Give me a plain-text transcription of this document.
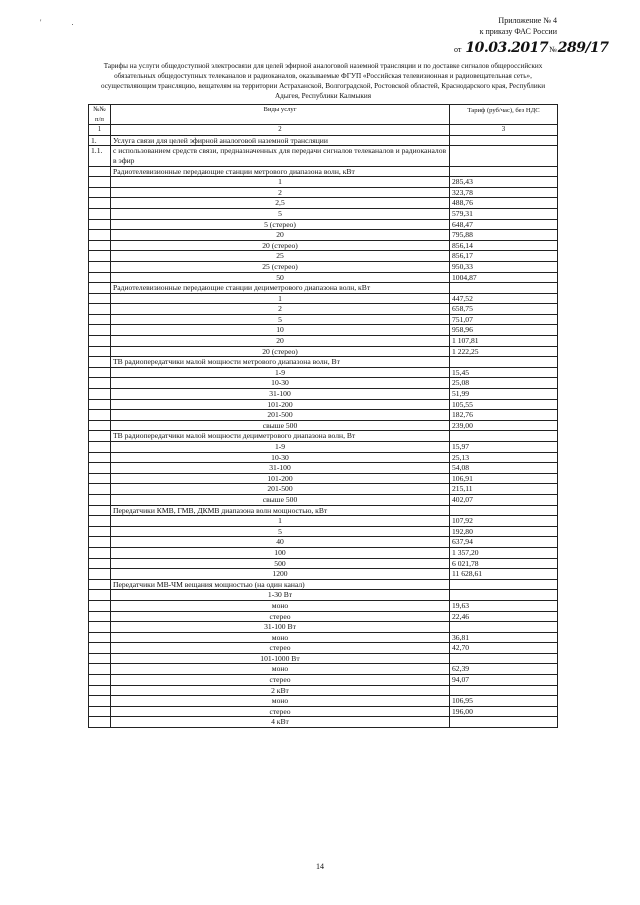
' .	Приложение № 4
к приказу ФАС России
от 10.03.2017№289/17
Тарифы на услуги общедоступной электросвязи для целей эфирной аналоговой наземной трансляции и по доставке сигналов общероссийских обязательных общедоступных телеканалов и радиоканалов, оказываемые ФГУП «Российская телевизионная и радиовещательная сеть», осуществляющим трансляцию, вещателям на территории Астраханской, Волгоградской, Ростовской областей, Краснодарского края, Республики Адыгея, Республики Калмыкия
№№ п/п	Виды услуг	Тариф (руб/час), без НДС
1	2	3
1.	Услуга связи для целей эфирной аналоговой наземной трансляции	
1.1.	с использованием средств связи, предназначенных для передачи сигналов телеканалов и радиоканалов в эфир	
	Радиотелевизионные передающие станции метрового диапазона волн, кВт	
	1	285,43
	2	323,78
	2,5	488,76
	5	579,31
	5 (стерео)	648,47
	20	795,88
	20 (стерео)	856,14
	25	856,17
	25 (стерео)	950,33
	50	1004,87
	Радиотелевизионные передающие станции дециметрового диапазона волн, кВт	
	1	447,52
	2	658,75
	5	751,07
	10	958,96
	20	1 107,81
	20 (стерео)	1 222,25
	ТВ радиопередатчики малой мощности метрового диапазона волн, Вт	
	1-9	15,45
	10-30	25,08
	31-100	51,99
	101-200	105,55
	201-500	182,76
	свыше 500	239,00
	ТВ радиопередатчики малой мощности дециметрового диапазона волн, Вт	
	1-9	15,97
	10-30	25,13
	31-100	54,08
	101-200	106,91
	201-500	215,11
	свыше 500	402,07
	Передатчики КМВ, ГМВ, ДКМВ диапазона волн мощностью, кВт	
	1	107,92
	5	192,80
	40	637,94
	100	1 357,20
	500	6 021,78
	1200	11 628,61
	Передатчики МВ-ЧМ вещания мощностью (на один канал)	
	1-30 Вт	
	моно	19,63
	стерео	22,46
	31-100 Вт	
	моно	36,81
	стерео	42,70
	101-1000 Вт	
	моно	62,39
	стерео	94,07
	2 кВт	
	моно	106,95
	стерео	196,00
	4 кВт	
14
